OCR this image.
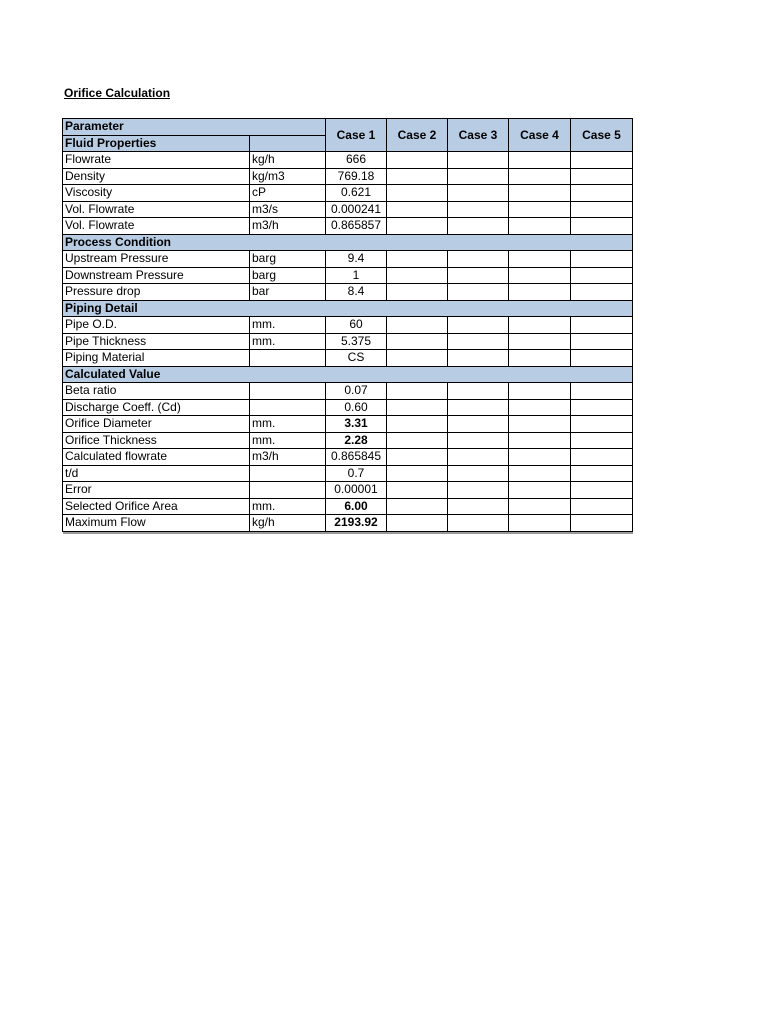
Orifice Calculation
Parameter		Case 1	Case 2	Case 3	Case 4	Case 5
Fluid Properties						
Flowrate	kg/h	666				
Density	kg/m3	769.18				
Viscosity	cP	0.621				
Vol. Flowrate	m3/s	0.000241				
Vol. Flowrate	m3/h	0.865857				
Process Condition						
Upstream Pressure	barg	9.4				
Downstream Pressure	barg	1				
Pressure drop	bar	8.4				
Piping Detail						
Pipe O.D.	mm.	60				
Pipe Thickness	mm.	5.375				
Piping Material		CS				
Calculated Value						
Beta ratio		0.07				
Discharge Coeff. (Cd)		0.60				
Orifice Diameter	mm.	3.31				
Orifice Thickness	mm.	2.28				
Calculated flowrate	m3/h	0.865845				
t/d		0.7				
Error		0.00001				
Selected Orifice Area	mm.	6.00				
Maximum Flow	kg/h	2193.92				
